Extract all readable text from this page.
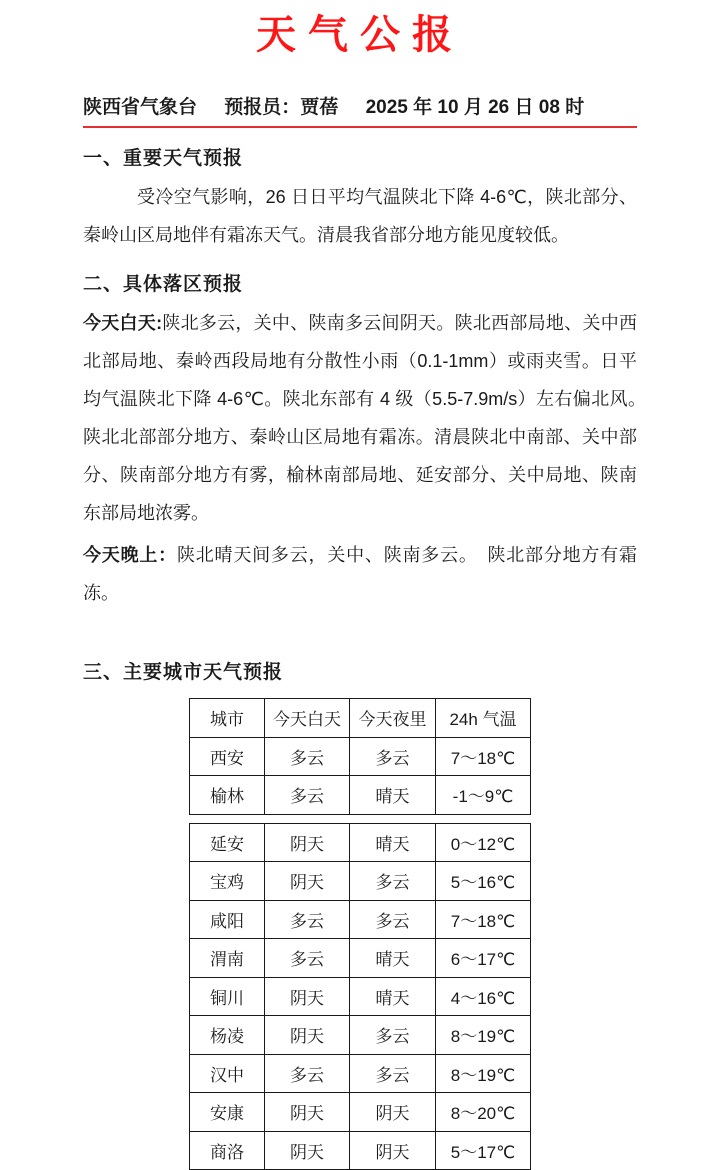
天气公报
陕西省气象台 预报员：贾蓓 2025 年 10 月 26 日 08 时
一、重要天气预报

受冷空气影响，26 日日平均气温陕北下降 4-6℃，陕北部分、秦岭山区局地伴有霜冻天气。清晨我省部分地方能见度较低。

二、具体落区预报

今天白天:陕北多云，关中、陕南多云间阴天。陕北西部局地、关中西北部局地、秦岭西段局地有分散性小雨（0.1-1mm）或雨夹雪。日平均气温陕北下降 4-6℃。陕北东部有 4 级（5.5-7.9m/s）左右偏北风。　陕北北部部分地方、秦岭山区局地有霜冻。清晨陕北中南部、关中部分、陕南部分地方有雾，榆林南部局地、延安部分、关中局地、陕南东部局地浓雾。

今天晚上：陕北晴天间多云，关中、陕南多云。　陕北部分地方有霜冻。

三、主要城市天气预报
城市	今天白天	今天夜里	24h 气温
西安	多云	多云	7～18℃
榆林	多云	晴天	-1～9℃
延安	阴天	晴天	0～12℃
宝鸡	阴天	多云	5～16℃
咸阳	多云	多云	7～18℃
渭南	多云	晴天	6～17℃
铜川	阴天	晴天	4～16℃
杨凌	阴天	多云	8～19℃
汉中	多云	多云	8～19℃
安康	阴天	阴天	8～20℃
商洛	阴天	阴天	5～17℃
